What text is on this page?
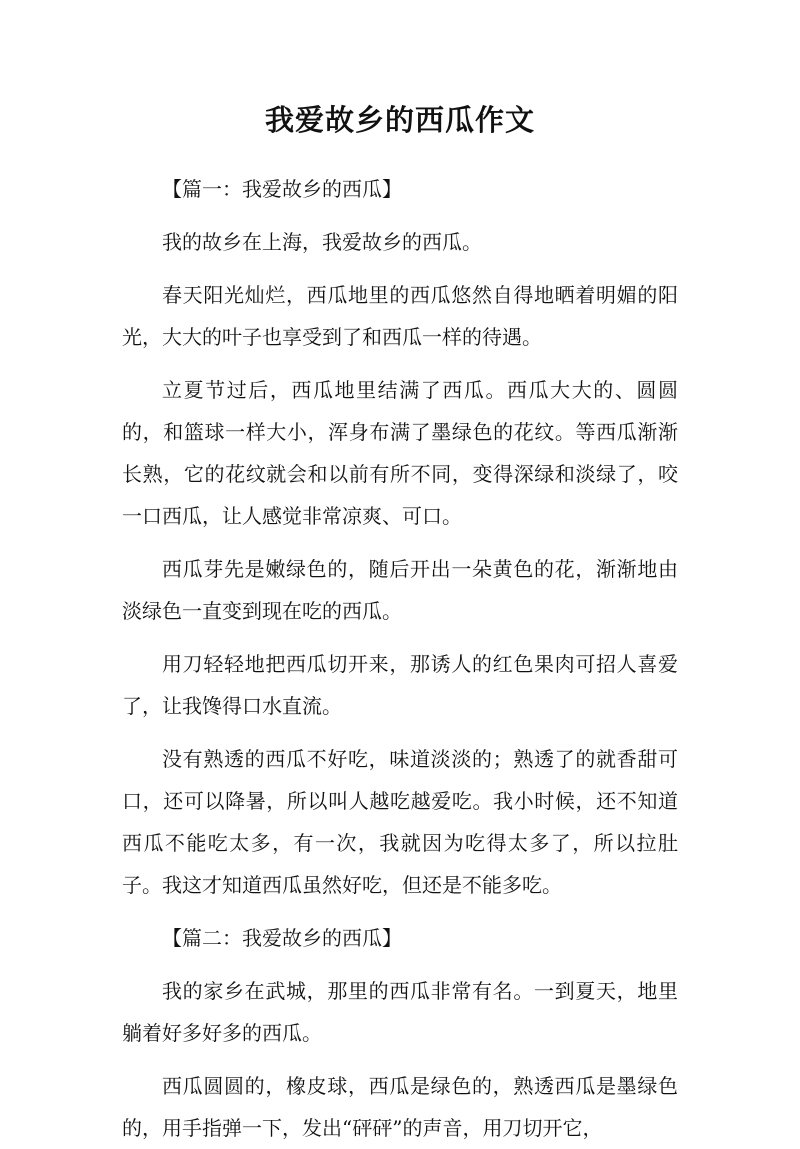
我爱故乡的西瓜作文

【篇一：我爱故乡的西瓜】

我的故乡在上海，我爱故乡的西瓜。

春天阳光灿烂，西瓜地里的西瓜悠然自得地晒着明媚的阳光，大大的叶子也享受到了和西瓜一样的待遇。

立夏节过后，西瓜地里结满了西瓜。西瓜大大的、圆圆的，和篮球一样大小，浑身布满了墨绿色的花纹。等西瓜渐渐长熟，它的花纹就会和以前有所不同，变得深绿和淡绿了，咬一口西瓜，让人感觉非常凉爽、可口。

西瓜芽先是嫩绿色的，随后开出一朵黄色的花，渐渐地由淡绿色一直变到现在吃的西瓜。

用刀轻轻地把西瓜切开来，那诱人的红色果肉可招人喜爱了，让我馋得口水直流。

没有熟透的西瓜不好吃，味道淡淡的；熟透了的就香甜可口，还可以降暑，所以叫人越吃越爱吃。我小时候，还不知道西瓜不能吃太多，有一次，我就因为吃得太多了，所以拉肚子。我这才知道西瓜虽然好吃，但还是不能多吃。

【篇二：我爱故乡的西瓜】

我的家乡在武城，那里的西瓜非常有名。一到夏天，地里躺着好多好多的西瓜。

西瓜圆圆的，橡皮球，西瓜是绿色的，熟透西瓜是墨绿色的，用手指弹一下，发出“砰砰”的声音，用刀切开它，
